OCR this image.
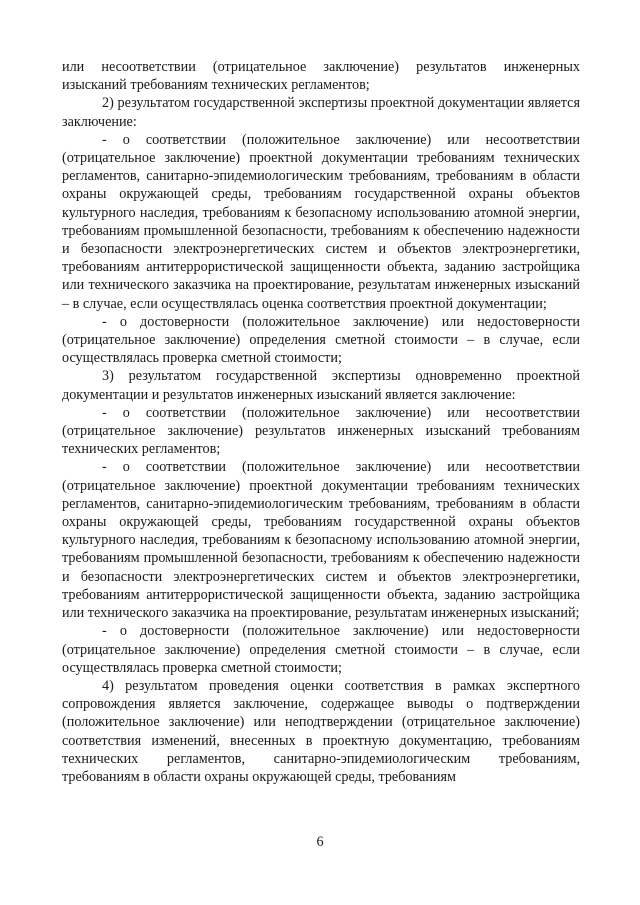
или несоответствии (отрицательное заключение) результатов инженерных изысканий требованиям технических регламентов;

2) результатом государственной экспертизы проектной документации является заключение:

- о соответствии (положительное заключение) или несоответствии (отрицательное заключение) проектной документации требованиям технических регламентов, санитарно-эпидемиологическим требованиям, требованиям в области охраны окружающей среды, требованиям государственной охраны объектов культурного наследия, требованиям к безопасному использованию атомной энергии, требованиям промышленной безопасности, требованиям к обеспечению надежности и безопасности электроэнергетических систем и объектов электроэнергетики, требованиям антитеррористической защищенности объекта, заданию застройщика или технического заказчика на проектирование, результатам инженерных изысканий – в случае, если осуществлялась оценка соответствия проектной документации;

- о достоверности (положительное заключение) или недостоверности (отрицательное заключение) определения сметной стоимости – в случае, если осуществлялась проверка сметной стоимости;

3) результатом государственной экспертизы одновременно проектной документации и результатов инженерных изысканий является заключение:

- о соответствии (положительное заключение) или несоответствии (отрицательное заключение) результатов инженерных изысканий требованиям технических регламентов;

- о соответствии (положительное заключение) или несоответствии (отрицательное заключение) проектной документации требованиям технических регламентов, санитарно-эпидемиологическим требованиям, требованиям в области охраны окружающей среды, требованиям государственной охраны объектов культурного наследия, требованиям к безопасному использованию атомной энергии, требованиям промышленной безопасности, требованиям к обеспечению надежности и безопасности электроэнергетических систем и объектов электроэнергетики, требованиям антитеррористической защищенности объекта, заданию застройщика или технического заказчика на проектирование, результатам инженерных изысканий;

- о достоверности (положительное заключение) или недостоверности (отрицательное заключение) определения сметной стоимости – в случае, если осуществлялась проверка сметной стоимости;

4) результатом проведения оценки соответствия в рамках экспертного сопровождения является заключение, содержащее выводы о подтверждении (положительное заключение) или неподтверждении (отрицательное заключение) соответствия изменений, внесенных в проектную документацию, требованиям технических регламентов, санитарно-эпидемиологическим требованиям, требованиям в области охраны окружающей среды, требованиям

6
